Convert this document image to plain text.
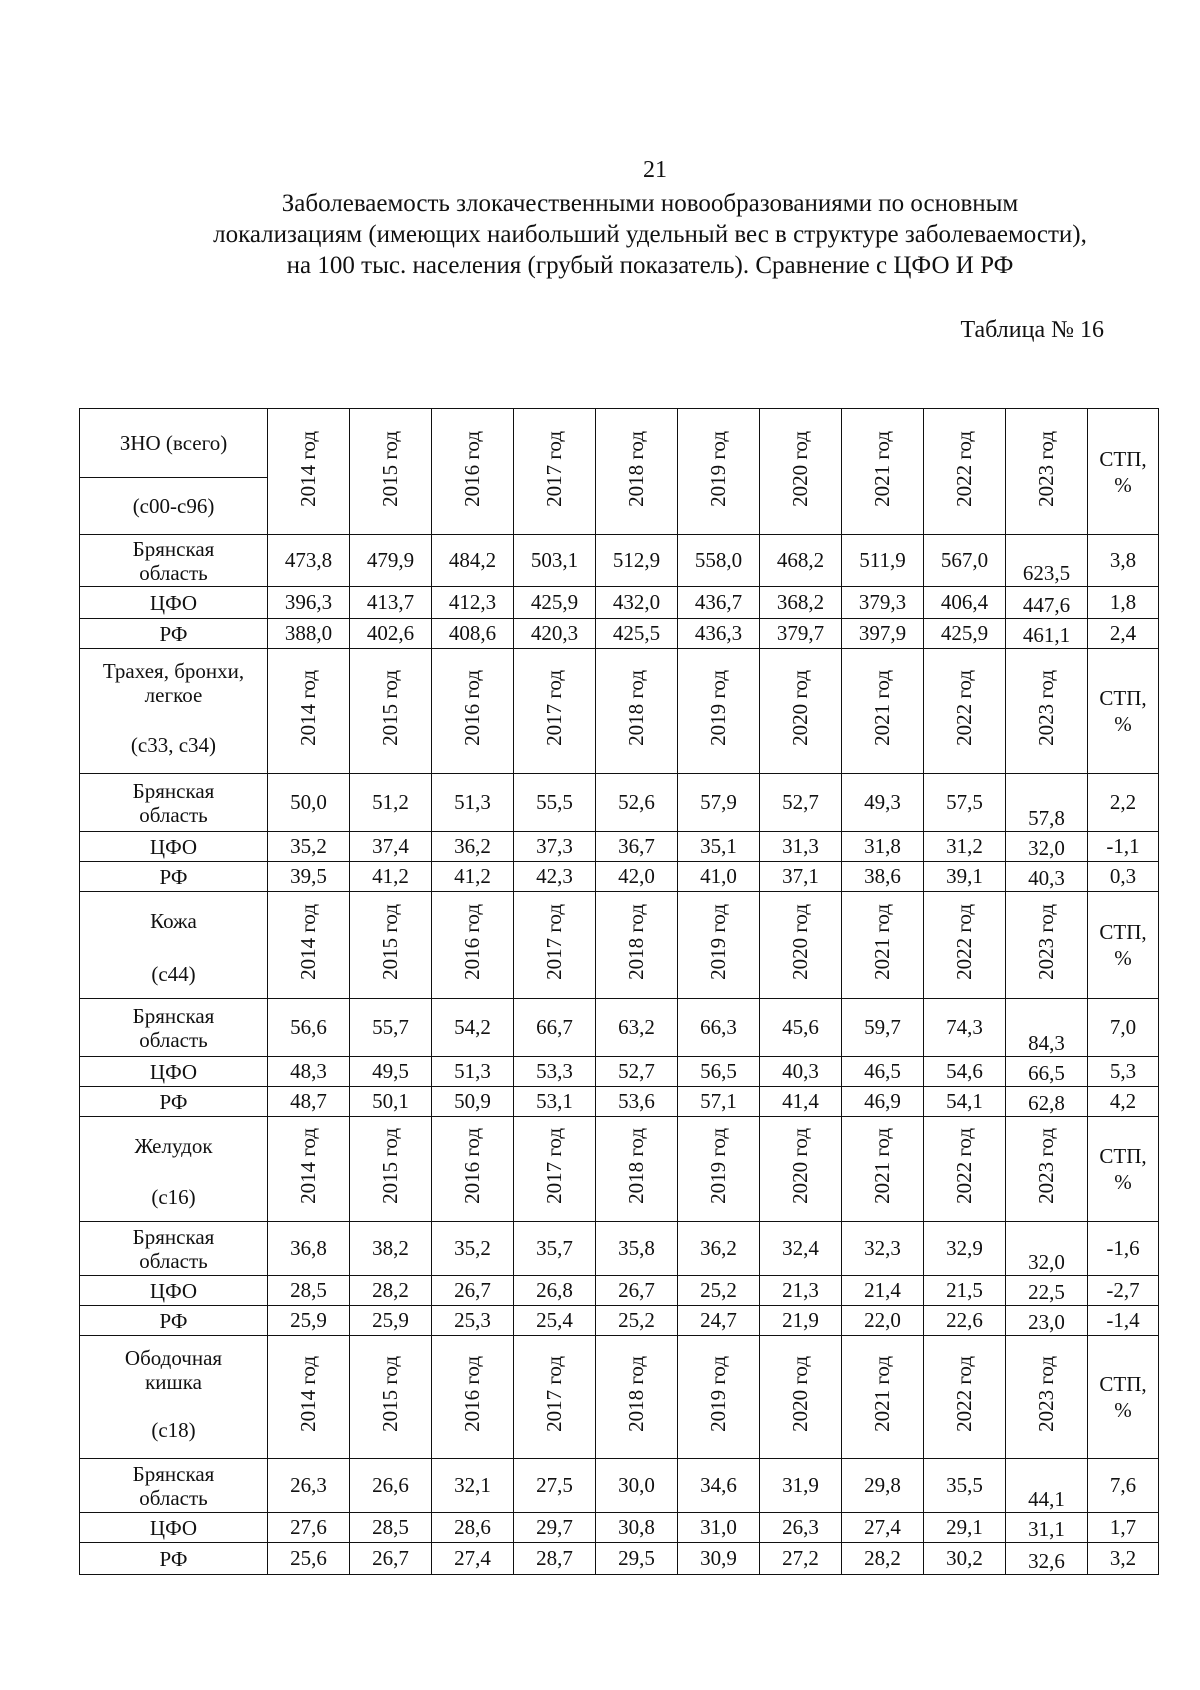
21
Заболеваемость злокачественными новообразованиями по основным
локализациям (имеющих наибольший удельный вес в структуре заболеваемости),
на 100 тыс. населения (грубый показатель). Сравнение с ЦФО И РФ
Таблица № 16
ЗНО (всего)	2014 год	2015 год	2016 год	2017 год	2018 год	2019 год	2020 год	2021 год	2022 год	2023 год	СТП, %
(с00-с96)											
Брянская область	473,8	479,9	484,2	503,1	512,9	558,0	468,2	511,9	567,0	623,5	3,8
ЦФО	396,3	413,7	412,3	425,9	432,0	436,7	368,2	379,3	406,4	447,6	1,8
РФ	388,0	402,6	408,6	420,3	425,5	436,3	379,7	397,9	425,9	461,1	2,4

Трахея, бронхи,
легкое	2014 год	2015 год	2016 год	2017 год	2018 год	2019 год	2020 год	2021 год	2022 год	2023 год	СТП, %
(с33, с34)											
Брянская область	50,0	51,2	51,3	55,5	52,6	57,9	52,7	49,3	57,5	57,8	2,2
ЦФО	35,2	37,4	36,2	37,3	36,7	35,1	31,3	31,8	31,2	32,0	-1,1
РФ	39,5	41,2	41,2	42,3	42,0	41,0	37,1	38,6	39,1	40,3	0,3

Кожа	2014 год	2015 год	2016 год	2017 год	2018 год	2019 год	2020 год	2021 год	2022 год	2023 год	СТП, %
(с44)											
Брянская область	56,6	55,7	54,2	66,7	63,2	66,3	45,6	59,7	74,3	84,3	7,0
ЦФО	48,3	49,5	51,3	53,3	52,7	56,5	40,3	46,5	54,6	66,5	5,3
РФ	48,7	50,1	50,9	53,1	53,6	57,1	41,4	46,9	54,1	62,8	4,2

Желудок	2014 год	2015 год	2016 год	2017 год	2018 год	2019 год	2020 год	2021 год	2022 год	2023 год	СТП, %
(с16)											
Брянская область	36,8	38,2	35,2	35,7	35,8	36,2	32,4	32,3	32,9	32,0	-1,6
ЦФО	28,5	28,2	26,7	26,8	26,7	25,2	21,3	21,4	21,5	22,5	-2,7
РФ	25,9	25,9	25,3	25,4	25,2	24,7	21,9	22,0	22,6	23,0	-1,4

Ободочная
кишка	2014 год	2015 год	2016 год	2017 год	2018 год	2019 год	2020 год	2021 год	2022 год	2023 год	СТП, %
(с18)											
Брянская область	26,3	26,6	32,1	27,5	30,0	34,6	31,9	29,8	35,5	44,1	7,6
ЦФО	27,6	28,5	28,6	29,7	30,8	31,0	26,3	27,4	29,1	31,1	1,7
РФ	25,6	26,7	27,4	28,7	29,5	30,9	27,2	28,2	30,2	32,6	3,2
